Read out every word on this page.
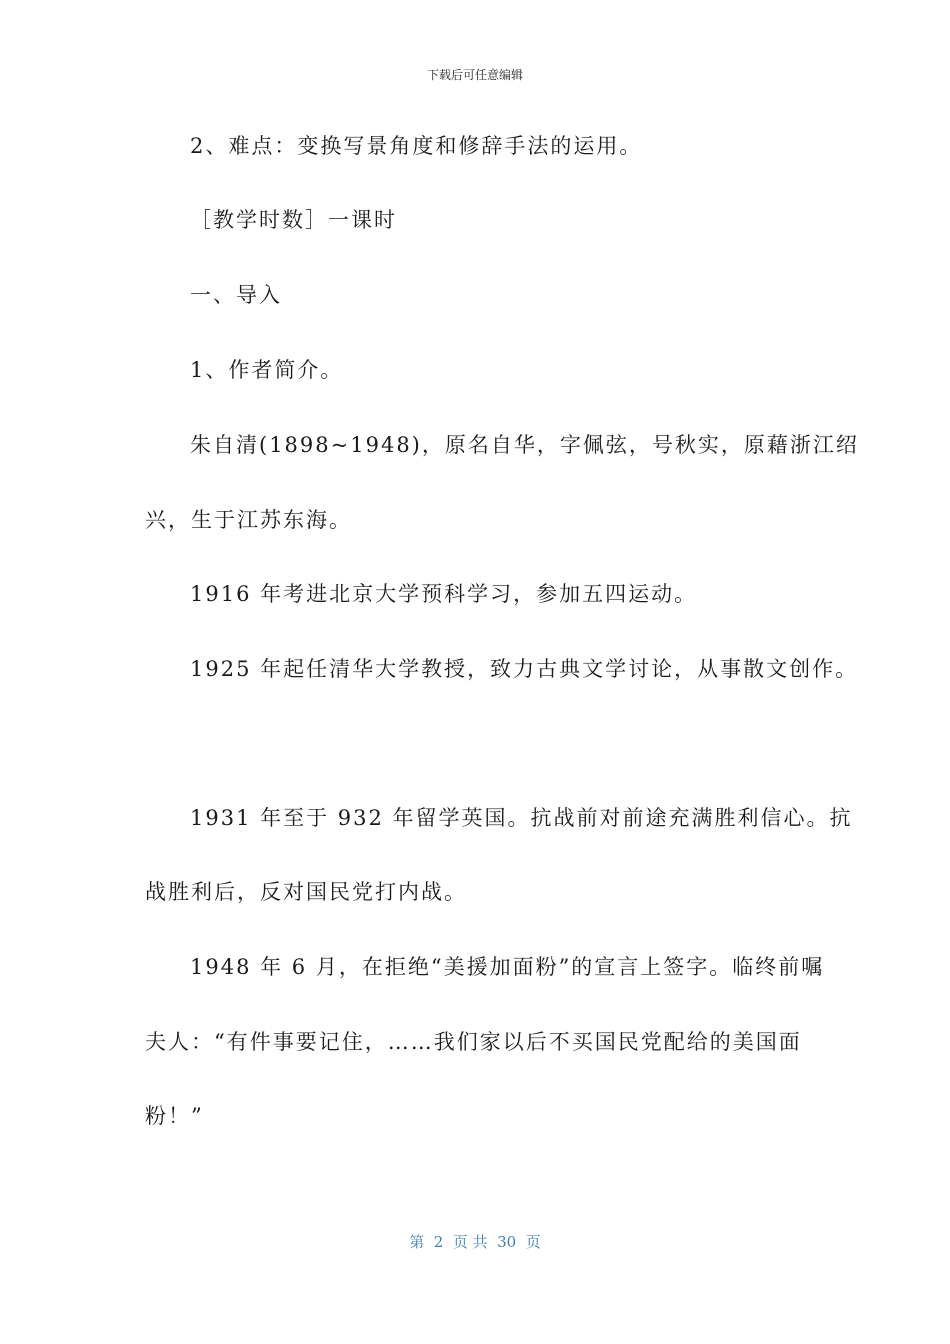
下载后可任意编辑
2、难点：变换写景角度和修辞手法的运用。
［教学时数］一课时
一、导入
1、作者简介。
朱自清(1898~1948)，原名自华，字佩弦，号秋实，原藉浙江绍
兴，生于江苏东海。
1916 年考进北京大学预科学习，参加五四运动。
1925 年起任清华大学教授，致力古典文学讨论，从事散文创作。
1931 年至于 932 年留学英国。抗战前对前途充满胜利信心。抗
战胜利后，反对国民党打内战。
1948 年 6 月，在拒绝“美援加面粉”的宣言上签字。临终前嘱
夫人：“有件事要记住，……我们家以后不买国民党配给的美国面
粉！”
第  2  页 共  30  页
